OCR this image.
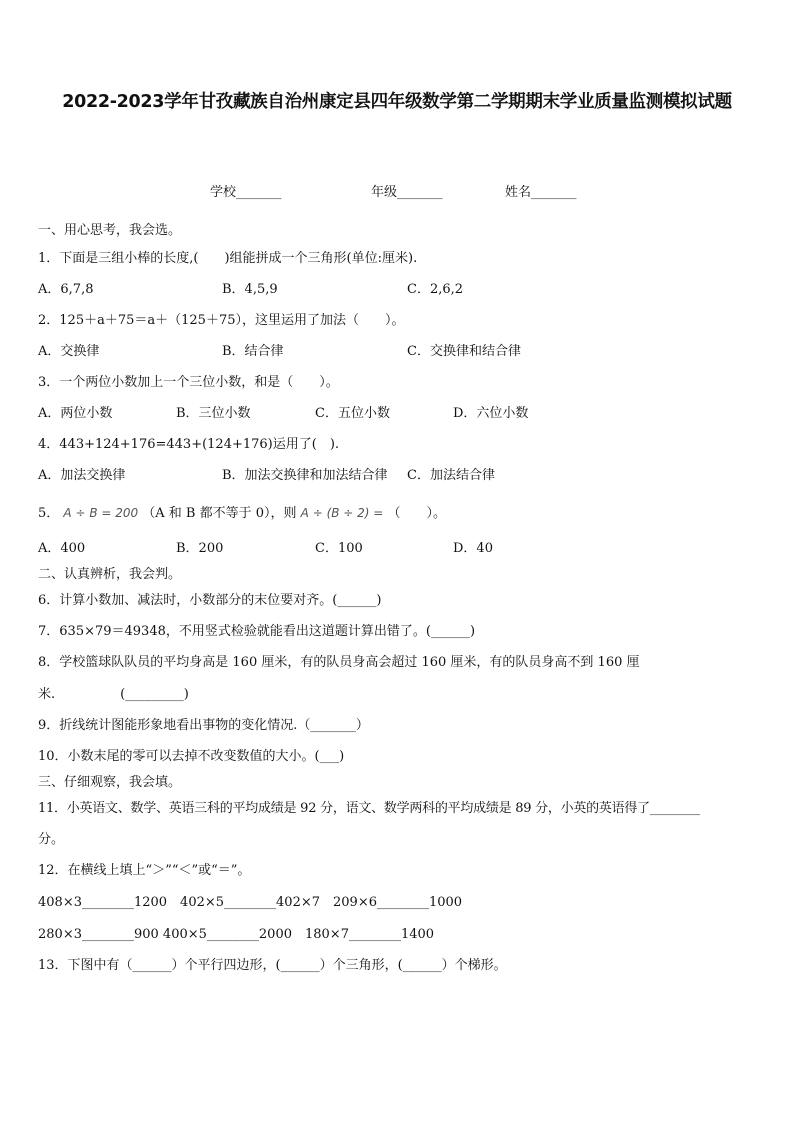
2022-2023学年甘孜藏族自治州康定县四年级数学第二学期期末学业质量监测模拟试题
学校_______	年级_______	姓名_______
一、用心思考，我会选。
1．下面是三组小棒的长度,(　　)组能拼成一个三角形(单位:厘米).
A．6,7,8	B．4,5,9	C．2,6,2
2．125＋a＋75＝a＋（125＋75），这里运用了加法（　　）。
A．交换律	B．结合律	C．交换律和结合律
3．一个两位小数加上一个三位小数，和是（　　）。
A．两位小数	B．三位小数	C．五位小数	D．六位小数
4．443+124+176=443+(124+176)运用了(　).
A．加法交换律	B．加法交换律和加法结合律 C．加法结合律
5． A ÷ B = 200 （A 和 B 都不等于 0），则 A ÷ (B ÷ 2) = （　　）。
A．400	B．200	C．100	D．40
二、认真辨析，我会判。
6．计算小数加、减法时，小数部分的末位要对齐。(______)
7．635×79＝49348，不用竖式检验就能看出这道题计算出错了。(______)
8．学校篮球队队员的平均身高是 160 厘米，有的队员身高会超过 160 厘米，有的队员身高不到 160 厘
米.　　　　　(_________)
9．折线统计图能形象地看出事物的变化情况.（_______）
10．小数末尾的零可以去掉不改变数值的大小。(___)
三、仔细观察，我会填。
11．小英语文、数学、英语三科的平均成绩是 92 分，语文、数学两科的平均成绩是 89 分，小英的英语得了________
分。
12．在横线上填上“＞”“＜”或“＝”。
408×3________1200　402×5________402×7　209×6________1000
280×3________900 400×5________2000　180×7________1400
13．下图中有（______）个平行四边形，(______）个三角形，(______）个梯形。
